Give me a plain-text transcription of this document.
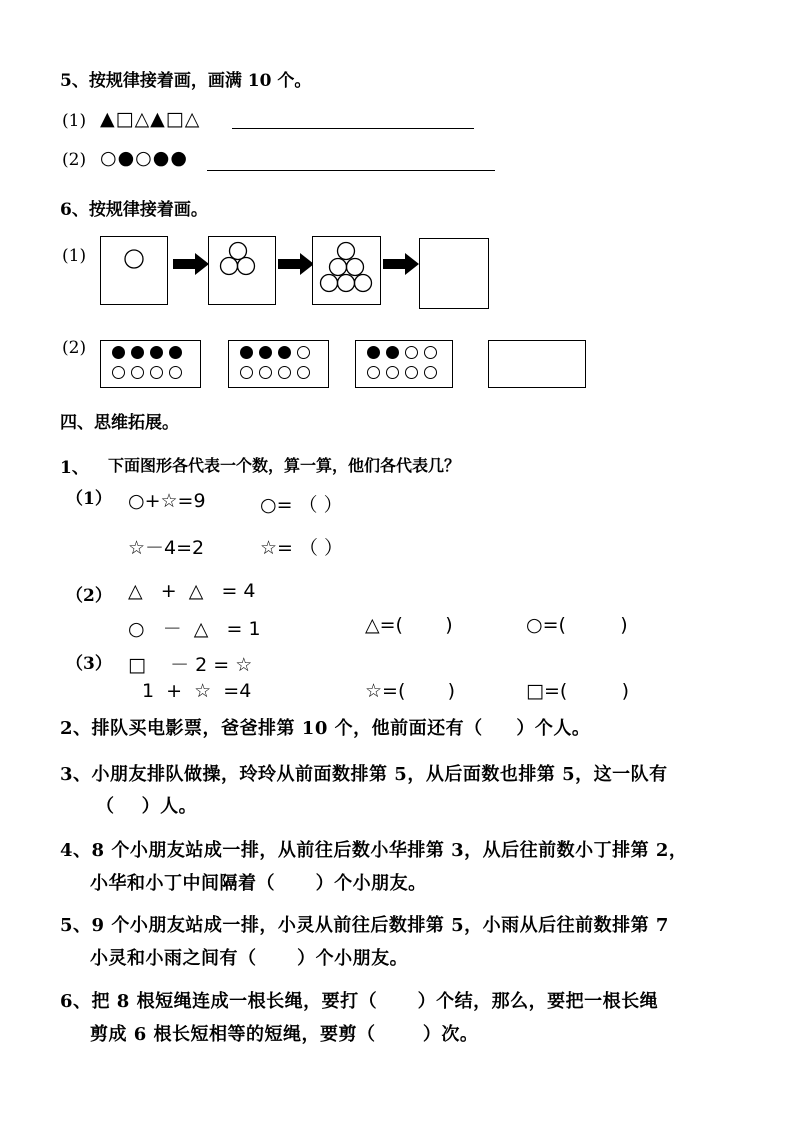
5、按规律接着画，画满 10 个。
(1) ▲□△▲□△
(2) ○●○●●
6、按规律接着画。
(1)
(2)
四、思维拓展。
1、 下面图形各代表一个数，算一算，他们各代表几？
（1） ○+☆=9	○= （ ）
☆－4=2	☆= （ ）
（2） △   +  △   = 4
○   －  △   = 1	△=(       )	○=(         )
（3） □    － 2 = ☆
1  +  ☆  =4	☆=(       )	□=(         )
2、排队买电影票，爸爸排第 10 个，他前面还有（     ）个人。
3、小朋友排队做操，玲玲从前面数排第 5，从后面数也排第 5，这一队有
（    ）人。
4、8 个小朋友站成一排，从前往后数小华排第 3，从后往前数小丁排第 2，
小华和小丁中间隔着（      ）个小朋友。
5、9 个小朋友站成一排，小灵从前往后数排第 5，小雨从后往前数排第 7
小灵和小雨之间有（      ）个小朋友。
6、把 8 根短绳连成一根长绳，要打（      ）个结，那么，要把一根长绳
剪成 6 根长短相等的短绳，要剪（       ）次。
